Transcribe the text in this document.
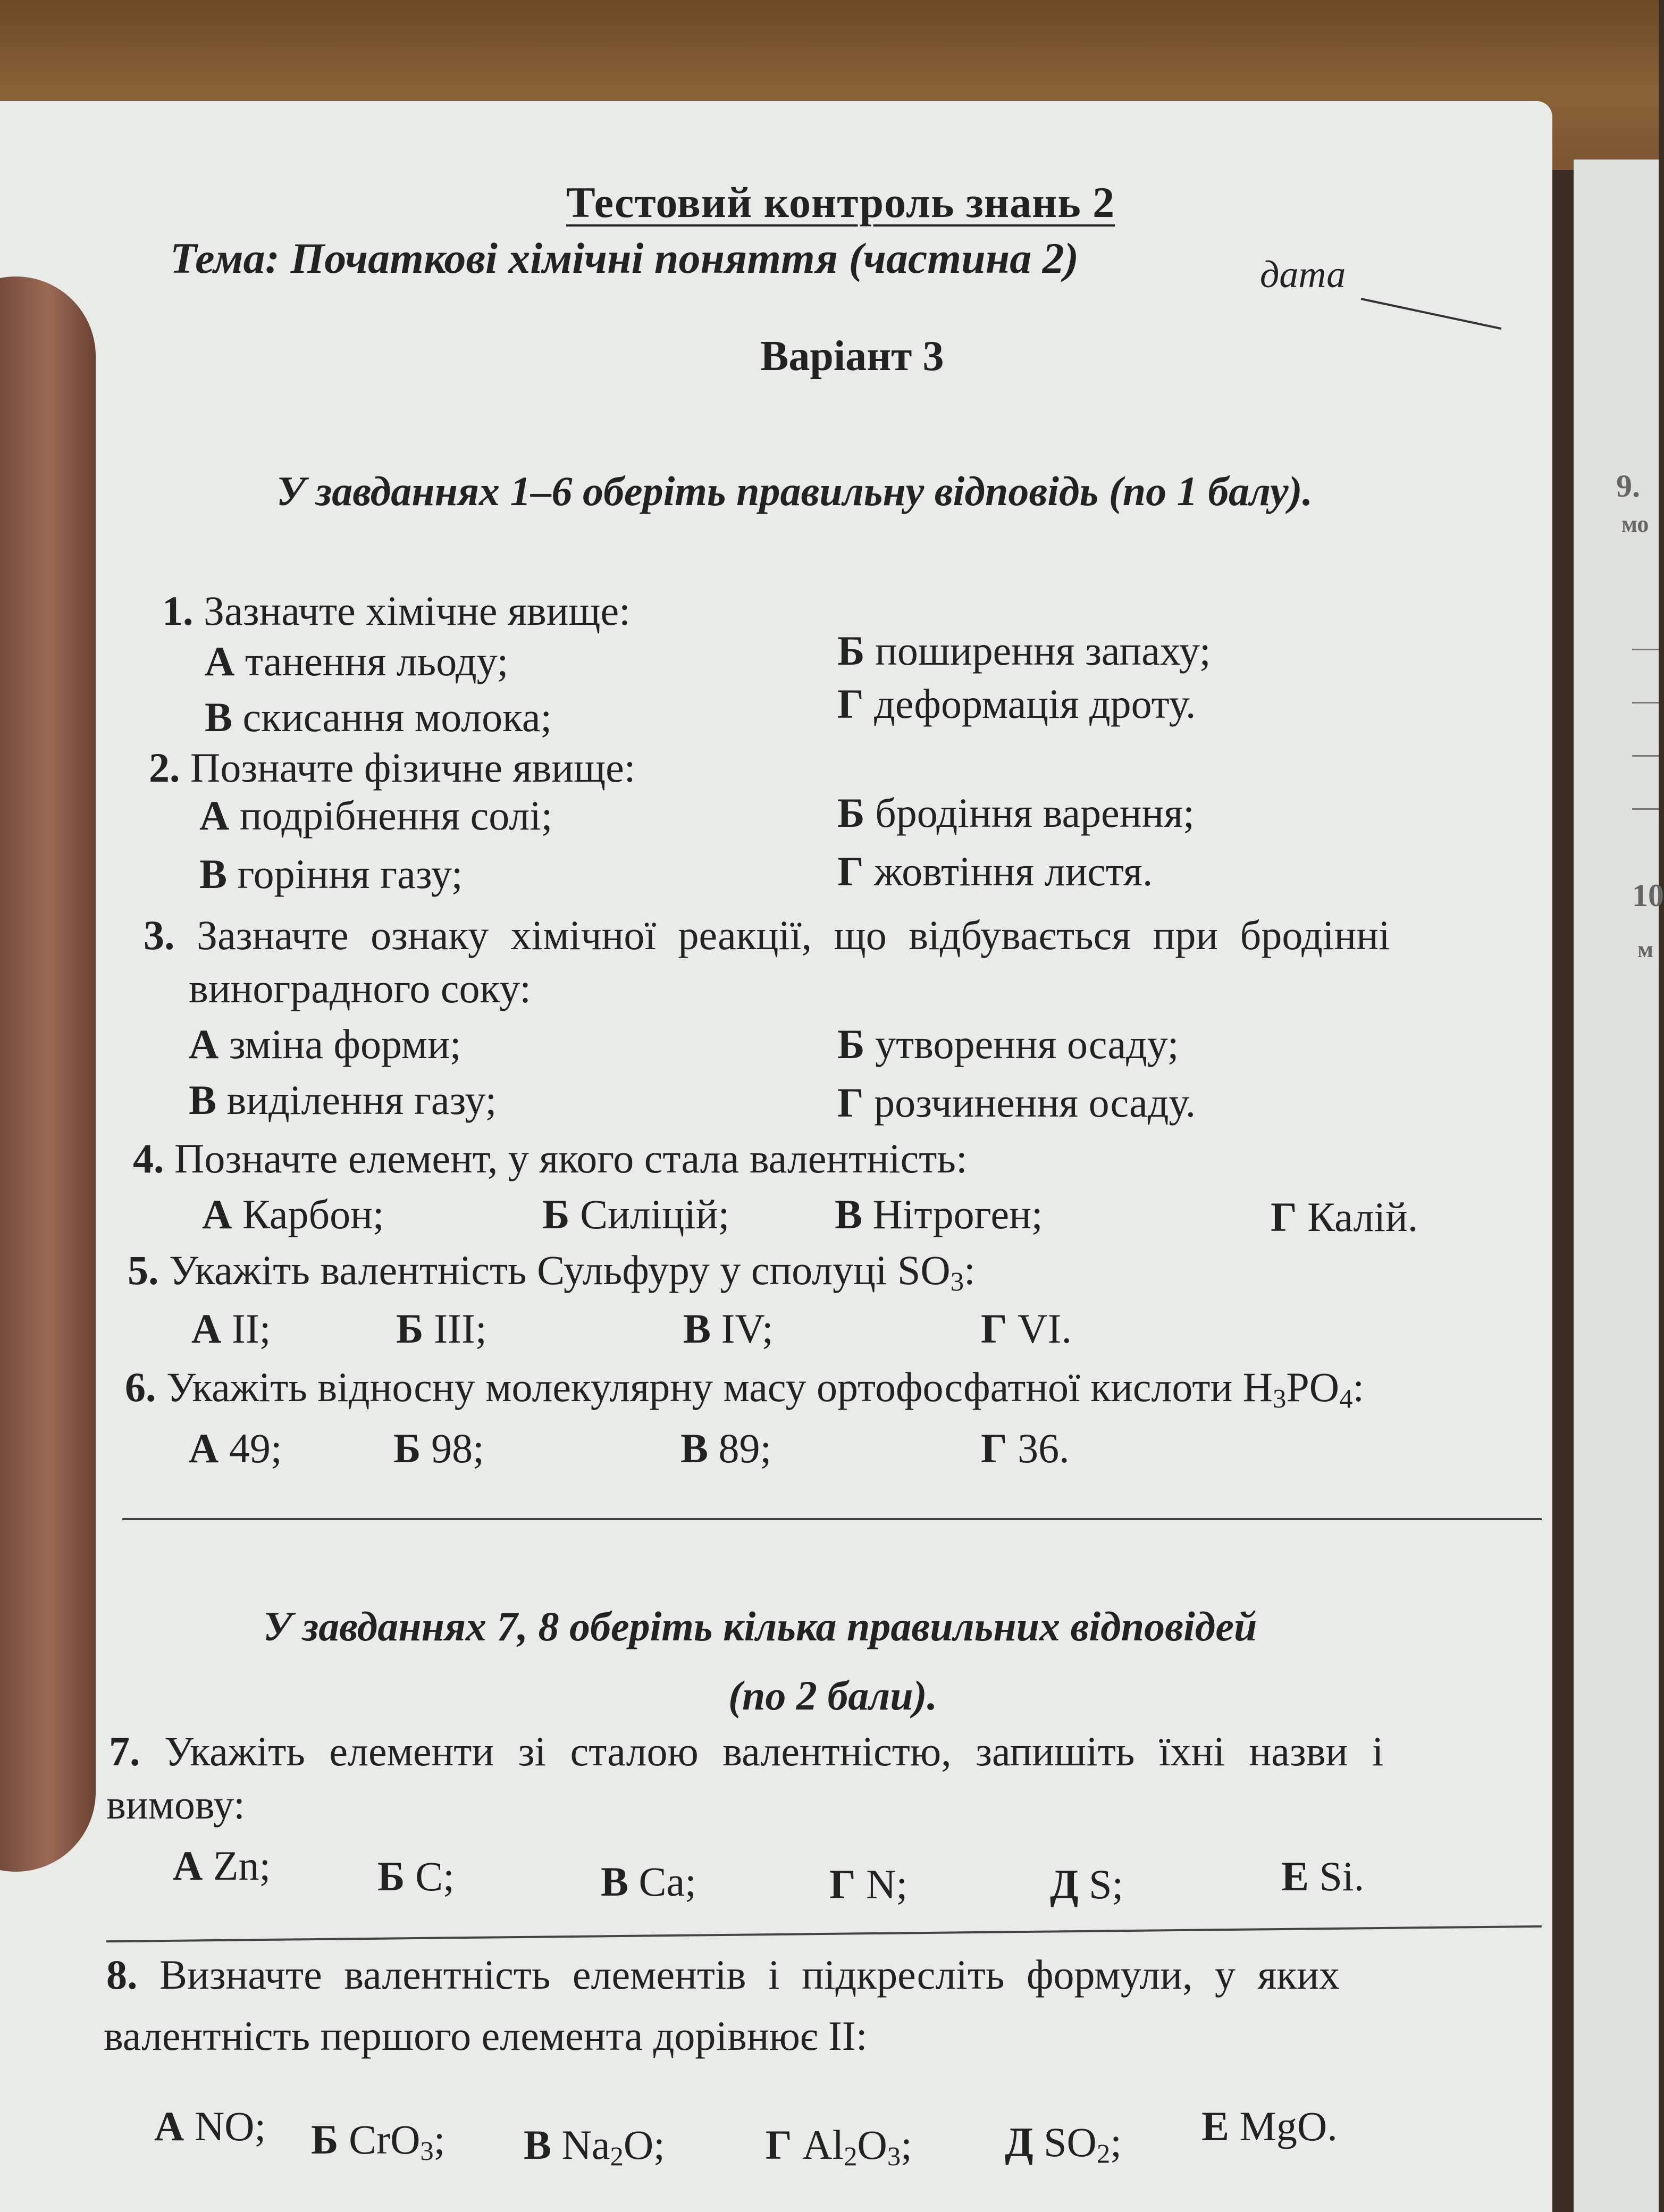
9.
10
мо
м
Тестовий контроль знань 2
Тема: Початкові хімічні поняття (частина 2)	дата
Варіант 3
У завданнях 1–6 оберіть правильну відповідь (по 1 балу).
1. Зазначте хімічне явище:
А танення льоду;	Б поширення запаху;
В скисання молока;	Г деформація дроту.
2. Позначте фізичне явище:
А подрібнення солі;	Б бродіння варення;
В горіння газу;	Г жовтіння листя.
3. Зазначте ознаку хімічної реакції, що відбувається при бродінні
виноградного соку:
А зміна форми;	Б утворення осаду;
В виділення газу;	Г розчинення осаду.
4. Позначте елемент, у якого стала валентність:
А Карбон;	Б Силіцій;	В Нітроген;	Г Калій.
5. Укажіть валентність Сульфуру у сполуці $SO_3$:
А II;	Б III;	В IV;	Г VI.
6. Укажіть відносну молекулярну масу ортофосфатної кислоти $H_3PO_4$:
А 49;	Б 98;	В 89;	Г 36.
У завданнях 7, 8 оберіть кілька правильних відповідей
(по 2 бали).
7. Укажіть елементи зі сталою валентністю, запишіть їхні назви і
вимову:
А Zn;	Б C;	В Ca;	Г N;	Д S;	Е Si.
8. Визначте валентність елементів і підкресліть формули, у яких
валентність першого елемента дорівнює II:
А NO; Б CrO$_3$; В $Na_2O$; Г $Al_2O_3$; Д $SO_2$; Е MgO.
